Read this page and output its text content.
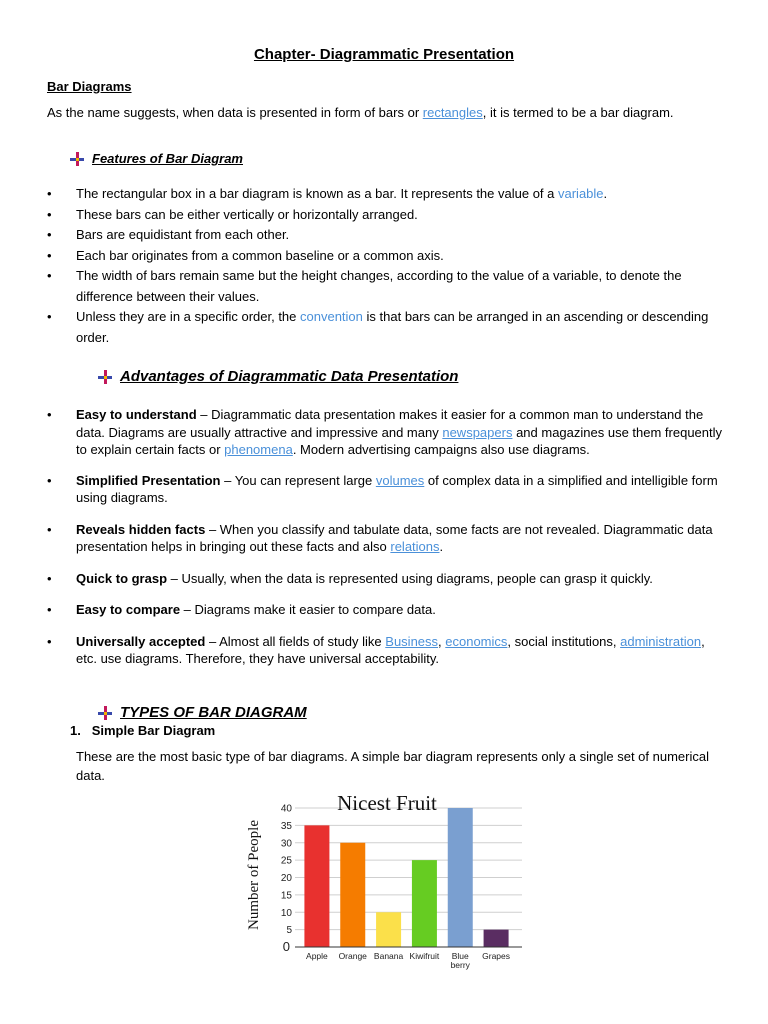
Chapter- Diagrammatic Presentation
Bar Diagrams
As the name suggests, when data is presented in form of bars or rectangles, it is termed to be a bar diagram.
Features of Bar Diagram
• The rectangular box in a bar diagram is known as a bar. It represents the value of a variable.
• These bars can be either vertically or horizontally arranged.
• Bars are equidistant from each other.
• Each bar originates from a common baseline or a common axis.
• The width of bars remain same but the height changes, according to the value of a variable, to denote the difference between their values.
• Unless they are in a specific order, the convention is that bars can be arranged in an ascending or descending order.
Advantages of Diagrammatic Data Presentation
• Easy to understand – Diagrammatic data presentation makes it easier for a common man to understand the data. Diagrams are usually attractive and impressive and many newspapers and magazines use them frequently to explain certain facts or phenomena. Modern advertising campaigns also use diagrams.
• Simplified Presentation – You can represent large volumes of complex data in a simplified and intelligible form using diagrams.
• Reveals hidden facts – When you classify and tabulate data, some facts are not revealed. Diagrammatic data presentation helps in bringing out these facts and also relations.
• Quick to grasp – Usually, when the data is represented using diagrams, people can grasp it quickly.
• Easy to compare – Diagrams make it easier to compare data.
• Universally accepted – Almost all fields of study like Business, economics, social institutions, administration, etc. use diagrams. Therefore, they have universal acceptability.
TYPES OF BAR DIAGRAM
1. Simple Bar Diagram
These are the most basic type of bar diagrams. A simple bar diagram represents only a single set of numerical data.
0
5
10
15
20
25
30
35
40
Apple Orange Banana Kiwifruit Blue berry
Grapes
Nicest Fruit
Number of People
